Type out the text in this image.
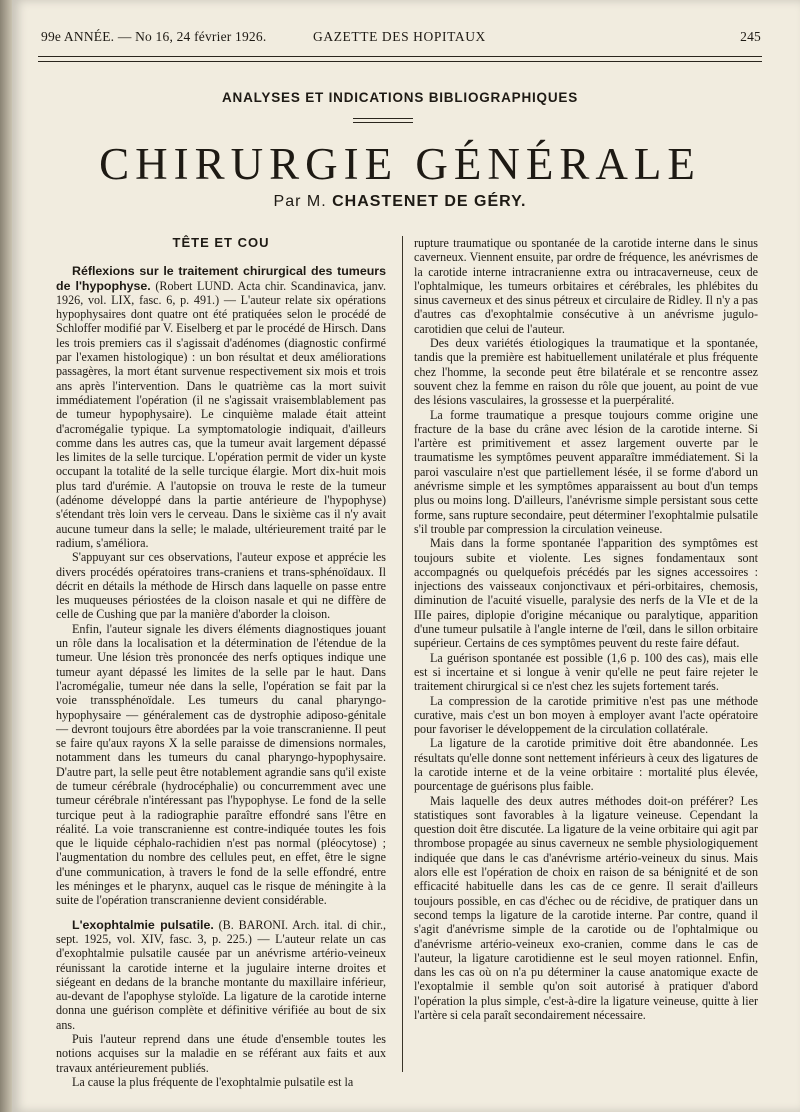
99e ANNÉE. — No 16, 24 février 1926.	GAZETTE DES HOPITAUX	245
ANALYSES ET INDICATIONS BIBLIOGRAPHIQUES
CHIRURGIE GÉNÉRALE
Par M. CHASTENET DE GÉRY.
TÊTE ET COU

Réflexions sur le traitement chirurgical des tumeurs de l'hypophyse. (Robert LUND. Acta chir. Scandinavica, janv. 1926, vol. LIX, fasc. 6, p. 491.) — L'auteur relate six opérations hypophysaires dont quatre ont été pratiquées selon le procédé de Schloffer modifié par V. Eiselberg et par le procédé de Hirsch. Dans les trois premiers cas il s'agissait d'adénomes (diagnostic confirmé par l'examen histologique) : un bon résultat et deux améliorations passagères, la mort étant survenue respectivement six mois et trois ans après l'intervention. Dans le quatrième cas la mort suivit immédiatement l'opération (il ne s'agissait vraisemblablement pas de tumeur hypophysaire). Le cinquième malade était atteint d'acromégalie typique. La symptomatologie indiquait, d'ailleurs comme dans les autres cas, que la tumeur avait largement dépassé les limites de la selle turcique. L'opération permit de vider un kyste occupant la totalité de la selle turcique élargie. Mort dix-huit mois plus tard d'urémie. A l'autopsie on trouva le reste de la tumeur (adénome développé dans la partie antérieure de l'hypophyse) s'étendant très loin vers le cerveau. Dans le sixième cas il n'y avait aucune tumeur dans la selle; le malade, ultérieurement traité par le radium, s'améliora.

S'appuyant sur ces observations, l'auteur expose et apprécie les divers procédés opératoires trans-craniens et trans-sphénoïdaux. Il décrit en détails la méthode de Hirsch dans laquelle on passe entre les muqueuses périostées de la cloison nasale et qui ne diffère de celle de Cushing que par la manière d'aborder la cloison.

Enfin, l'auteur signale les divers éléments diagnostiques jouant un rôle dans la localisation et la détermination de l'étendue de la tumeur. Une lésion très prononcée des nerfs optiques indique une tumeur ayant dépassé les limites de la selle par le haut. Dans l'acromégalie, tumeur née dans la selle, l'opération se fait par la voie transsphénoïdale. Les tumeurs du canal pharyngo-hypophysaire — généralement cas de dystrophie adiposo-génitale — devront toujours être abordées par la voie transcranienne. Il peut se faire qu'aux rayons X la selle paraisse de dimensions normales, notamment dans les tumeurs du canal pharyngo-hypophysaire. D'autre part, la selle peut être notablement agrandie sans qu'il existe de tumeur cérébrale (hydrocéphalie) ou concurremment avec une tumeur cérébrale n'intéressant pas l'hypophyse. Le fond de la selle turcique peut à la radiographie paraître effondré sans l'être en réalité. La voie transcranienne est contre-indiquée toutes les fois que le liquide céphalo-rachidien n'est pas normal (pléocytose) ; l'augmentation du nombre des cellules peut, en effet, être le signe d'une communication, à travers le fond de la selle effondré, entre les méninges et le pharynx, auquel cas le risque de méningite à la suite de l'opération transcranienne devient considérable.

L'exophtalmie pulsatile. (B. BARONI. Arch. ital. di chir., sept. 1925, vol. XIV, fasc. 3, p. 225.) — L'auteur relate un cas d'exophtalmie pulsatile causée par un anévrisme artério-veineux réunissant la carotide interne et la jugulaire interne droites et siégeant en dedans de la branche montante du maxillaire inférieur, au-devant de l'apophyse styloïde. La ligature de la carotide interne donna une guérison complète et définitive vérifiée au bout de six ans.

Puis l'auteur reprend dans une étude d'ensemble toutes les notions acquises sur la maladie en se référant aux faits et aux travaux antérieurement publiés.

La cause la plus fréquente de l'exophtalmie pulsatile est la

rupture traumatique ou spontanée de la carotide interne dans le sinus caverneux. Viennent ensuite, par ordre de fréquence, les anévrismes de la carotide interne intracranienne extra ou intracaverneuse, ceux de l'ophtalmique, les tumeurs orbitaires et cérébrales, les phlébites du sinus caverneux et des sinus pétreux et circulaire de Ridley. Il n'y a pas d'autres cas d'exophtalmie consécutive à un anévrisme jugulo-carotidien que celui de l'auteur.

Des deux variétés étiologiques la traumatique et la spontanée, tandis que la première est habituellement unilatérale et plus fréquente chez l'homme, la seconde peut être bilatérale et se rencontre assez souvent chez la femme en raison du rôle que jouent, au point de vue des lésions vasculaires, la grossesse et la puerpéralité.

La forme traumatique a presque toujours comme origine une fracture de la base du crâne avec lésion de la carotide interne. Si l'artère est primitivement et assez largement ouverte par le traumatisme les symptômes peuvent apparaître immédiatement. Si la paroi vasculaire n'est que partiellement lésée, il se forme d'abord un anévrisme simple et les symptômes apparaissent au bout d'un temps plus ou moins long. D'ailleurs, l'anévrisme simple persistant sous cette forme, sans rupture secondaire, peut déterminer l'exophtalmie pulsatile s'il trouble par compression la circulation veineuse.

Mais dans la forme spontanée l'apparition des symptômes est toujours subite et violente. Les signes fondamentaux sont accompagnés ou quelquefois précédés par les signes accessoires : injections des vaisseaux conjonctivaux et péri-orbitaires, chemosis, diminution de l'acuité visuelle, paralysie des nerfs de la VIe et de la IIIe paires, diplopie d'origine mécanique ou paralytique, apparition d'une tumeur pulsatile à l'angle interne de l'œil, dans le sillon orbitaire supérieur. Certains de ces symptômes peuvent du reste faire défaut.

La guérison spontanée est possible (1,6 p. 100 des cas), mais elle est si incertaine et si longue à venir qu'elle ne peut faire rejeter le traitement chirurgical si ce n'est chez les sujets fortement tarés.

La compression de la carotide primitive n'est pas une méthode curative, mais c'est un bon moyen à employer avant l'acte opératoire pour favoriser le développement de la circulation collatérale.

La ligature de la carotide primitive doit être abandonnée. Les résultats qu'elle donne sont nettement inférieurs à ceux des ligatures de la carotide interne et de la veine orbitaire : mortalité plus élevée, pourcentage de guérisons plus faible.

Mais laquelle des deux autres méthodes doit-on préférer? Les statistiques sont favorables à la ligature veineuse. Cependant la question doit être discutée. La ligature de la veine orbitaire qui agit par thrombose propagée au sinus caverneux ne semble physiologiquement indiquée que dans le cas d'anévrisme artério-veineux du sinus. Mais alors elle est l'opération de choix en raison de sa bénignité et de son efficacité habituelle dans les cas de ce genre. Il serait d'ailleurs toujours possible, en cas d'échec ou de récidive, de pratiquer dans un second temps la ligature de la carotide interne. Par contre, quand il s'agit d'anévrisme simple de la carotide ou de l'ophtalmique ou d'anévrisme artério-veineux exo-cranien, comme dans le cas de l'auteur, la ligature carotidienne est le seul moyen rationnel. Enfin, dans les cas où on n'a pu déterminer la cause anatomique exacte de l'exoptalmie il semble qu'on soit autorisé à pratiquer d'abord l'opération la plus simple, c'est-à-dire la ligature veineuse, quitte à lier l'artère si cela paraît secondairement nécessaire.
